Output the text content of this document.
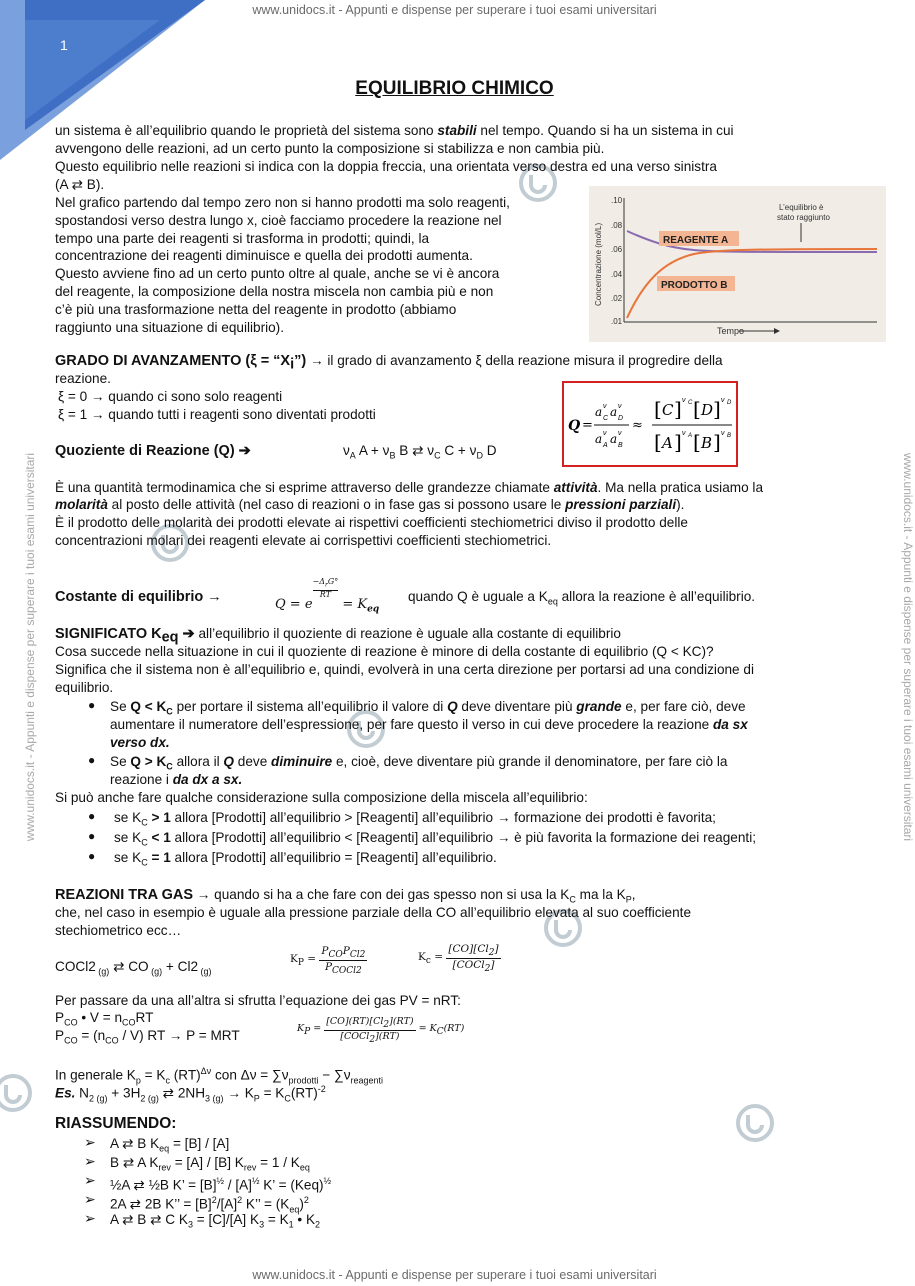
1
www.unidocs.it - Appunti e dispense per superare i tuoi esami universitari
www.unidocs.it - Appunti e dispense per superare i tuoi esami universitari
www.unidocs.it - Appunti e dispense per superare i tuoi esami universitari	www.unidocs.it - Appunti e dispense per superare i tuoi esami universitari
EQUILIBRIO CHIMICO
un sistema è all’equilibrio quando le proprietà del sistema sono stabili nel tempo. Quando si ha un sistema in cui
avvengono delle reazioni, ad un certo punto la composizione si stabilizza e non cambia più.
Questo equilibrio nelle reazioni si indica con la doppia freccia, una orientata verso destra ed una verso sinistra
(A ⇄ B).
Nel grafico partendo dal tempo zero non si hanno prodotti ma solo reagenti,
spostandosi verso destra lungo x, cioè facciamo procedere la reazione nel
tempo una parte dei reagenti si trasforma in prodotti; quindi, la
concentrazione dei reagenti diminuisce e quella dei prodotti aumenta.
Questo avviene fino ad un certo punto oltre al quale, anche se vi è ancora
del reagente, la composizione della nostra miscela non cambia più e non
c’è più una trasformazione netta del reagente in prodotto (abbiamo
raggiunto una situazione di equilibrio).
.10
.08
.06
.04
.02
.01
Concentrazione (mol/L)
Tempo
L’equilibrio è
stato raggiunto
REAGENTE A
PRODOTTO B
GRADO DI AVANZAMENTO $(\xi = “X_i”)$ → il grado di avanzamento ξ della reazione misura il progredire della
reazione.
ξ = 0 → quando ci sono solo reagenti
ξ = 1 → quando tutti i reagenti sono diventati prodotti
Q =
a C
ν a D
ν
a A
ν a B
ν
≈
[ C ] ν C [ D ] ν D
[ A ] ν A [ B ] ν B
Quoziente di Reazione (Q) ➔	$\nu_A$ $A + \nu_B$ B ⇄ $\nu_C$ $C + \nu_D$ D
È una quantità termodinamica che si esprime attraverso delle grandezze chiamate attività. Ma nella pratica usiamo la
molarità al posto delle attività (nel caso di reazioni o in fase gas si possono usare le pressioni parziali).
È il prodotto delle molarità dei prodotti elevate ai rispettivi coefficienti stechiometrici diviso il prodotto delle
concentrazioni molari dei reagenti elevate ai corrispettivi coefficienti stechiometrici.
Costante di equilibrio →	Q = e
$^{-\Delta_rG^\circ RT}$
= $K_{eq}$
quando Q è uguale a $K_{eq}$ allora la reazione è all’equilibrio.
SIGNIFICATO $K_{eq}$ ➔ all’equilibrio il quoziente di reazione è uguale alla costante di equilibrio
Cosa succede nella situazione in cui il quoziente di reazione è minore di della costante di equilibrio (Q < KC)?
Significa che il sistema non è all’equilibrio e, quindi, evolverà in una certa direzione per portarsi ad una condizione di
equilibrio.
● Se $Q < K_C$ per portare il sistema all’equilibrio il valore di Q deve diventare più grande e, per fare ciò, deve
aumentare il numeratore dell’espressione, per fare questo il verso in cui deve procedere la reazione da sx
verso dx.
● Se $Q > K_C$ allora il Q deve diminuire e, cioè, deve diventare più grande il denominatore, per fare ciò la
reazione i da dx a sx.
Si può anche fare qualche considerazione sulla composizione della miscela all’equilibrio:
● se $K_C > 1$ allora [Prodotti] all’equilibrio > [Reagenti] all’equilibrio → formazione dei prodotti è favorita;
● se $K_C < 1$ allora [Prodotti] all’equilibrio < [Reagenti] all’equilibrio → è più favorita la formazione dei reagenti;
● se $K_C = 1$ allora [Prodotti] all’equilibrio = [Reagenti] all’equilibrio.
REAZIONI TRA GAS → quando si ha a che fare con dei gas spesso non si usa la $K_C$ ma la $K_P$,
che, nel caso in esempio è uguale alla pressione parziale della CO all’equilibrio elevata al suo coefficiente
stechiometrico ecc…
COCl2 $_{(g)}$ ⇄ CO $_{(g)}$ + Cl2 $_{(g)}$
$K_P$ =
$P_{CO}P_{Cl2}$
$P_{COCl2}$
$K_c$ =
$[CO][Cl_2]$
[COCl$_2$]
Per passare da una all’altra si sfrutta l’equazione dei gas PV = nRT:
$P_{CO}$ • $V = n_{CO}RT$
$P_{CO} = (n_{CO} / V)$ RT → P = MRT	$K_P$ =
$[CO](RT)[Cl_2](RT)$
[COCl$_2$](RT)
= $K_C(RT)$
In generale $K_p = K_c$ (RT)$^{\Delta\nu}$ con $\Delta\nu = \sum\nu_{prodotti} - \sum\nu_{reagenti}$
Es. $N_{2 (g)} + 3H_{2 (g)}$ ⇄ $2NH_{3 (g)} \to K_P = K_C(RT)^{-2}$
RIASSUMENDO:
➢ A ⇄ B $K_{eq} = [B] / [A]$
➢ B ⇄ A $K_{rev} = [A] / [B] K_{rev} = 1 / K_{eq}$
➢ ½A ⇄ ½B K’ = $[B]^{\frac{1}{2}} / [A]^{\frac{1}{2}}$ K’ = (Keq)$^{\frac{1}{2}}$
➢ 2A ⇄ 2B K’’ = $[B]^2/[A]^2$ K’’ = $(K_{eq})^2$
➢ A ⇄ B ⇄ C $K_3 = [C]/[A] K_3 = K_1$ • $K_2$
